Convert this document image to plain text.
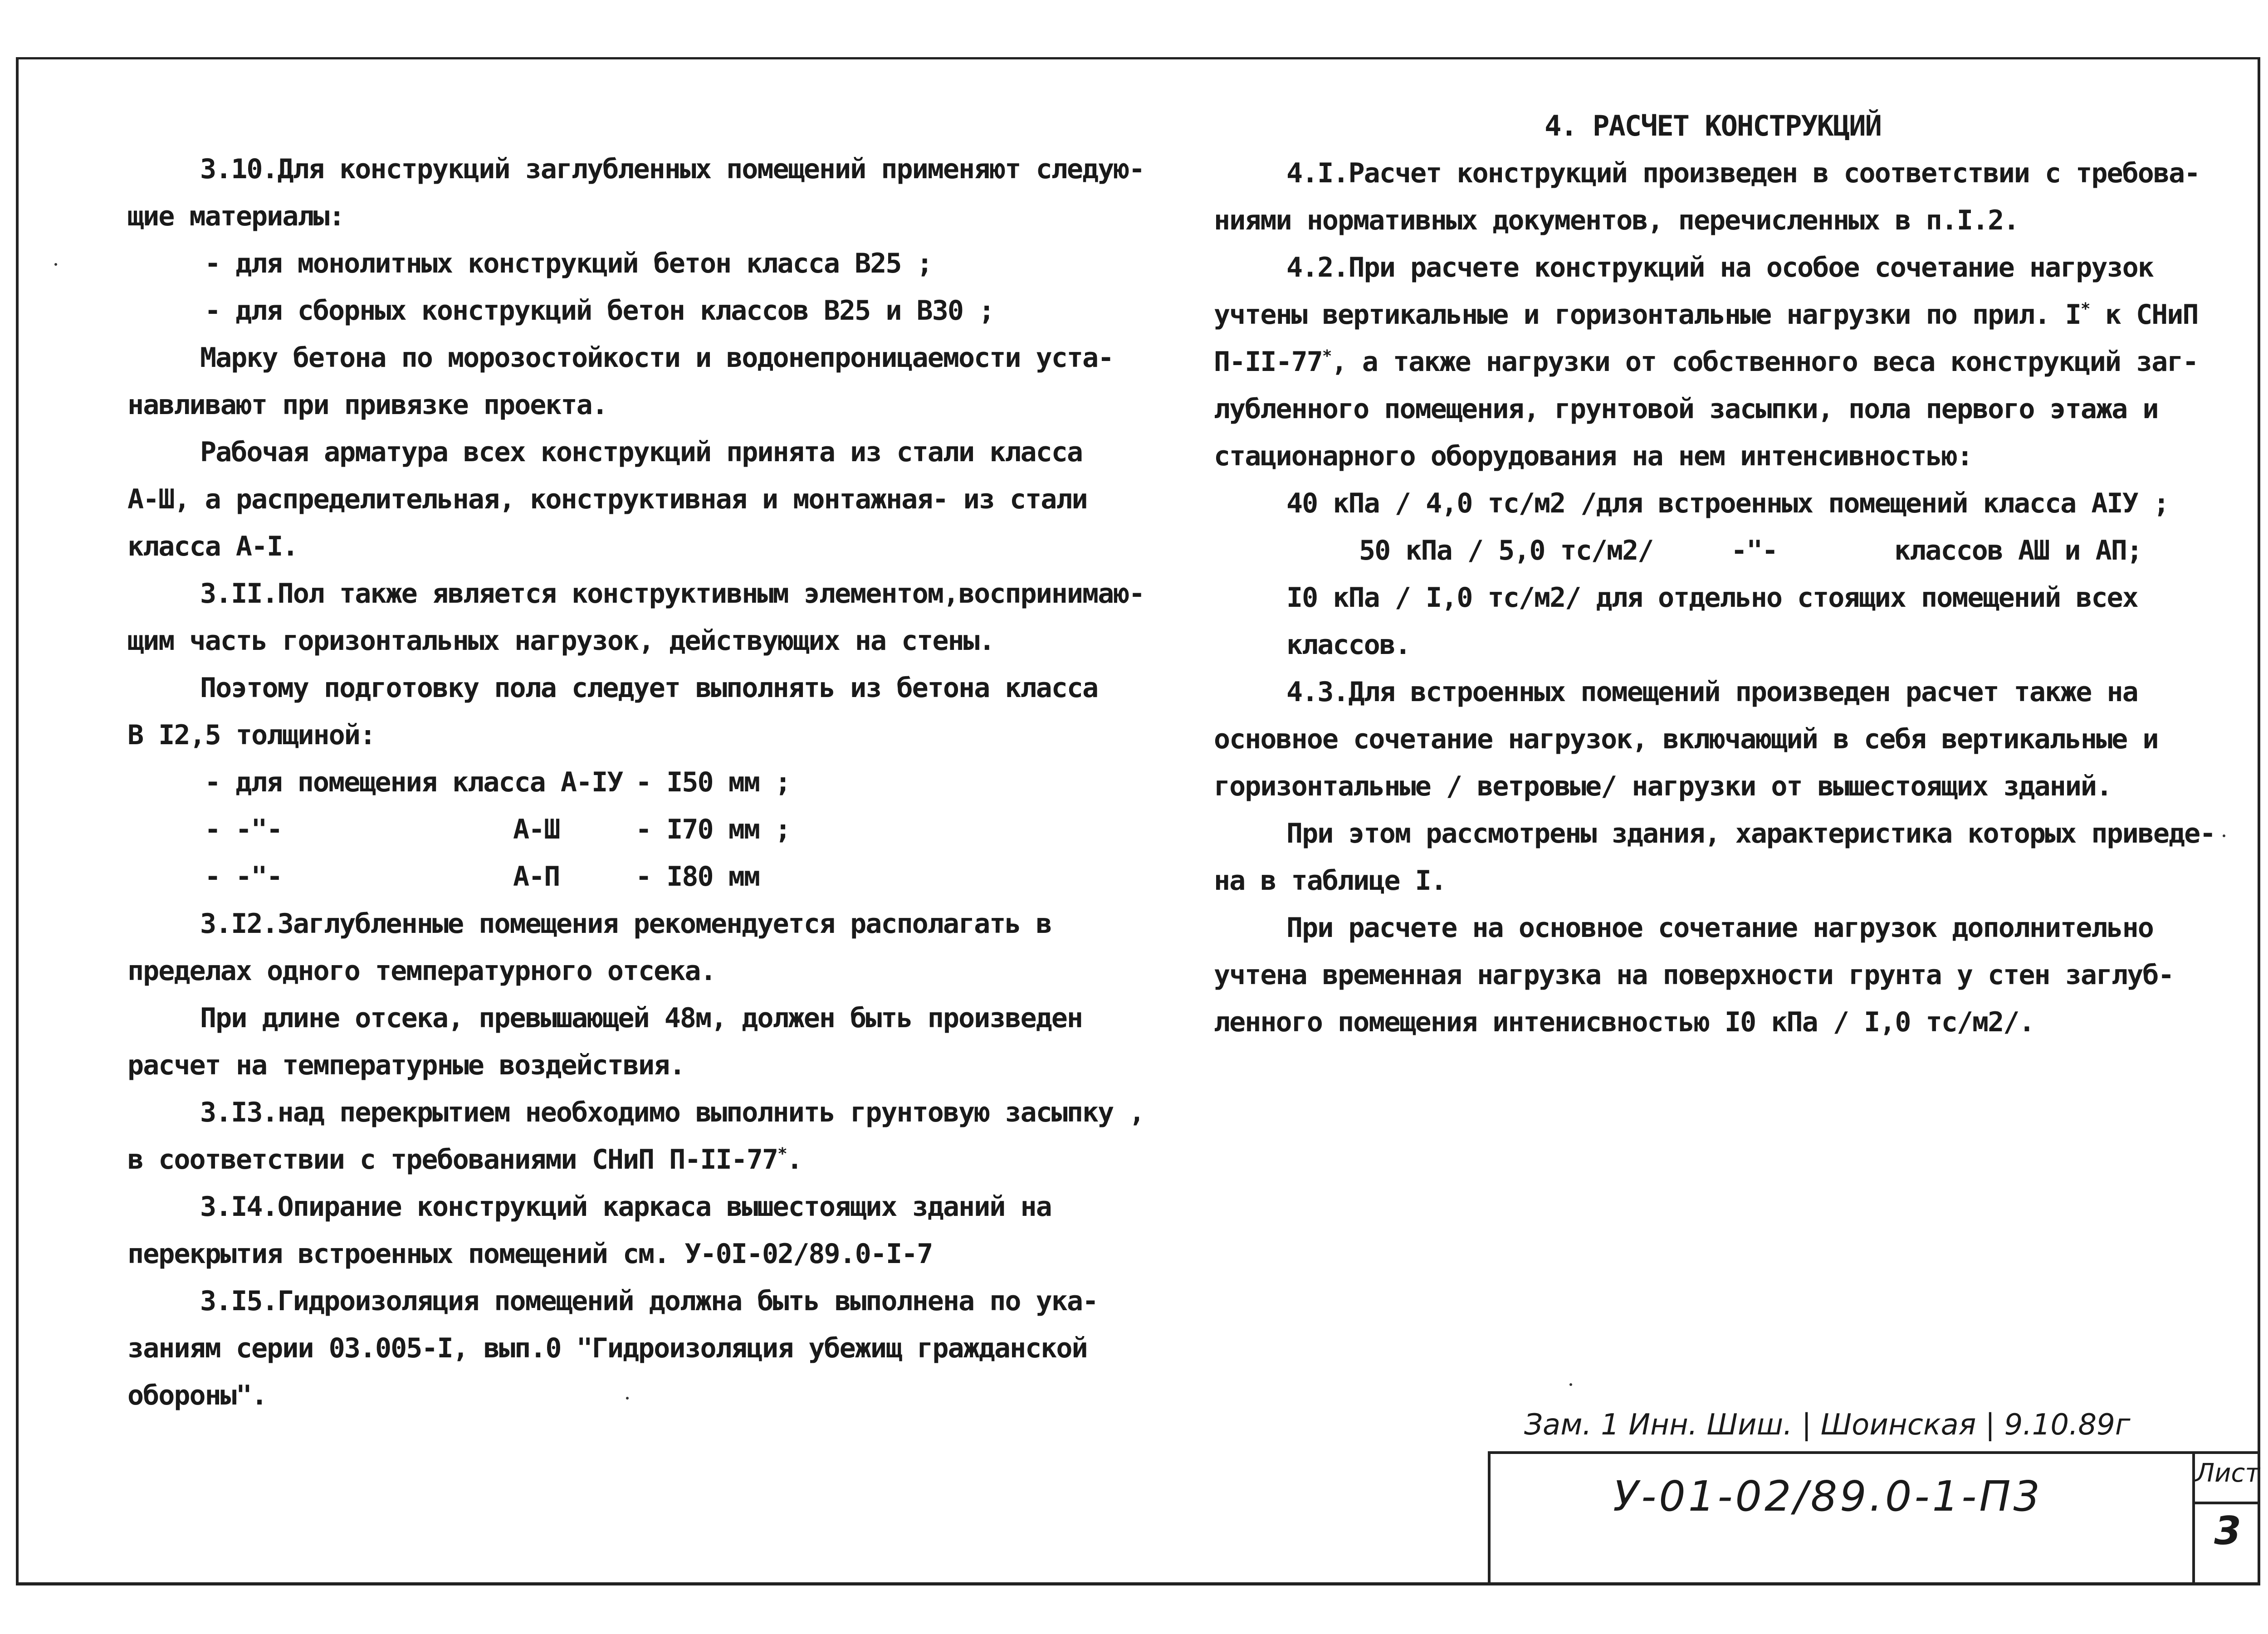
3.10.Для конструкций заглубленных помещений применяют следую-

щие материалы:

- для монолитных конструкций бетон класса В25 ;

- для сборных конструкций бетон классов В25 и В30 ;

Марку бетона по морозостойкости и водонепроницаемости уста-

навливают при привязке проекта.

Рабочая арматура всех конструкций принята из стали класса

А-Ш, а распределительная, конструктивная и монтажная- из стали

класса А-I.

3.II.Пол также является конструктивным элементом,воспринимаю-

щим часть горизонтальных нагрузок, действующих на стены.

Поэтому подготовку пола следует выполнять из бетона класса

В I2,5 толщиной:

- для помещения класса А-IУ - I50 мм ;

- -"-	А-Ш	- I70 мм ;

- -"-	А-П	- I80 мм

3.I2.Заглубленные помещения рекомендуется располагать в

пределах одного температурного отсека.

При длине отсека, превышающей 48м, должен быть произведен

расчет на температурные воздействия.

3.I3.над перекрытием необходимо выполнить грунтовую засыпку ,

в соответствии с требованиями СНиП П-II-77*.

3.I4.Опирание конструкций каркаса вышестоящих зданий на

перекрытия встроенных помещений см. У-0I-02/89.0-I-7

3.I5.Гидроизоляция помещений должна быть выполнена по ука-

заниям серии 03.005-I, вып.0 "Гидроизоляция убежищ гражданской

обороны".

4. РАСЧЕТ КОНСТРУКЦИЙ

4.I.Расчет конструкций произведен в соответствии с требова-

ниями нормативных документов, перечисленных в п.I.2.

4.2.При расчете конструкций на особое сочетание нагрузок

учтены вертикальные и горизонтальные нагрузки по прил. I* к СНиП

П-II-77*, а также нагрузки от собственного веса конструкций заг-

лубленного помещения, грунтовой засыпки, пола первого этажа и

стационарного оборудования на нем интенсивностью:

40 кПа / 4,0 тс/м2 /для встроенных помещений класса АIУ ;

50 кПа / 5,0 тс/м2/	-"-	классов АШ и АП;

I0 кПа / I,0 тс/м2/ для отдельно стоящих помещений всех

классов.

4.3.Для встроенных помещений произведен расчет также на

основное сочетание нагрузок, включающий в себя вертикальные и

горизонтальные / ветровые/ нагрузки от вышестоящих зданий.

При этом рассмотрены здания, характеристика которых приведе-

на в таблице I.

При расчете на основное сочетание нагрузок дополнительно

учтена временная нагрузка на поверхности грунта у стен заглуб-

ленного помещения интенисвностью I0 кПа / I,0 тс/м2/.

Зам. 1 Инн. Шиш. | Шоинская | 9.10.89г
У-01-02/89.0-1-П3	Лист
3
